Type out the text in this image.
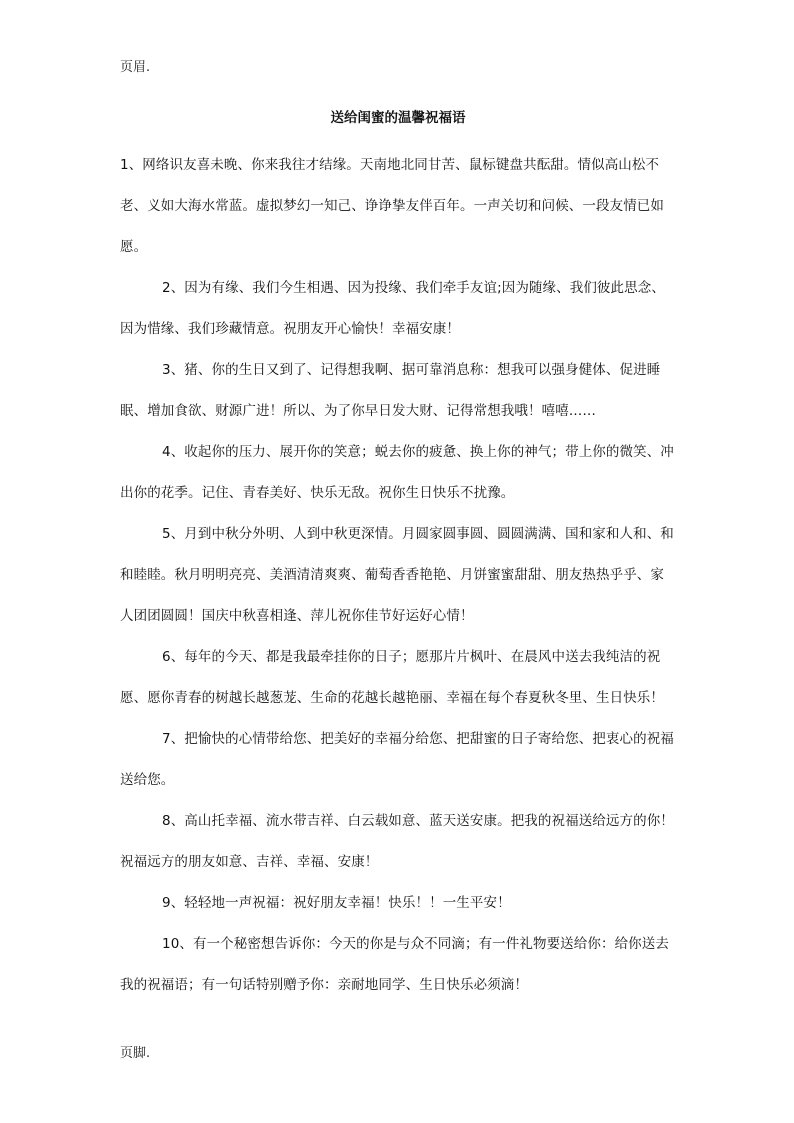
页眉.
送给闺蜜的温馨祝福语

1、网络识友喜未晚、你来我往才结缘。天南地北同甘苦、鼠标键盘共酝甜。情似高山松不老、义如大海水常蓝。虚拟梦幻一知己、诤诤挚友伴百年。一声关切和问候、一段友情已如愿。

2、因为有缘、我们今生相遇、因为投缘、我们牵手友谊;因为随缘、我们彼此思念、因为惜缘、我们珍藏情意。祝朋友开心愉快！幸福安康！

3、猪、你的生日又到了、记得想我啊、据可靠消息称：想我可以强身健体、促进睡眠、增加食欲、财源广进！所以、为了你早日发大财、记得常想我哦！嘻嘻……

4、收起你的压力、展开你的笑意；蜕去你的疲惫、换上你的神气；带上你的微笑、冲出你的花季。记住、青春美好、快乐无敌。祝你生日快乐不扰豫。

5、月到中秋分外明、人到中秋更深情。月圆家圆事圆、圆圆满满、国和家和人和、和和睦睦。秋月明明亮亮、美酒清清爽爽、葡萄香香艳艳、月饼蜜蜜甜甜、朋友热热乎乎、家人团团圆圆！国庆中秋喜相逢、萍儿祝你佳节好运好心情！

6、每年的今天、都是我最牵挂你的日子；愿那片片枫叶、在晨风中送去我纯洁的祝愿、愿你青春的树越长越葱茏、生命的花越长越艳丽、幸福在每个春夏秋冬里、生日快乐！

7、把愉快的心情带给您、把美好的幸福分给您、把甜蜜的日子寄给您、把衷心的祝福送给您。

8、高山托幸福、流水带吉祥、白云载如意、蓝天送安康。把我的祝福送给远方的你！祝福远方的朋友如意、吉祥、幸福、安康！

9、轻轻地一声祝福：祝好朋友幸福！快乐！！一生平安！

10、有一个秘密想告诉你：今天的你是与众不同滴；有一件礼物要送给你：给你送去我的祝福语；有一句话特别赠予你：亲耐地同学、生日快乐必须滴！

页脚.
